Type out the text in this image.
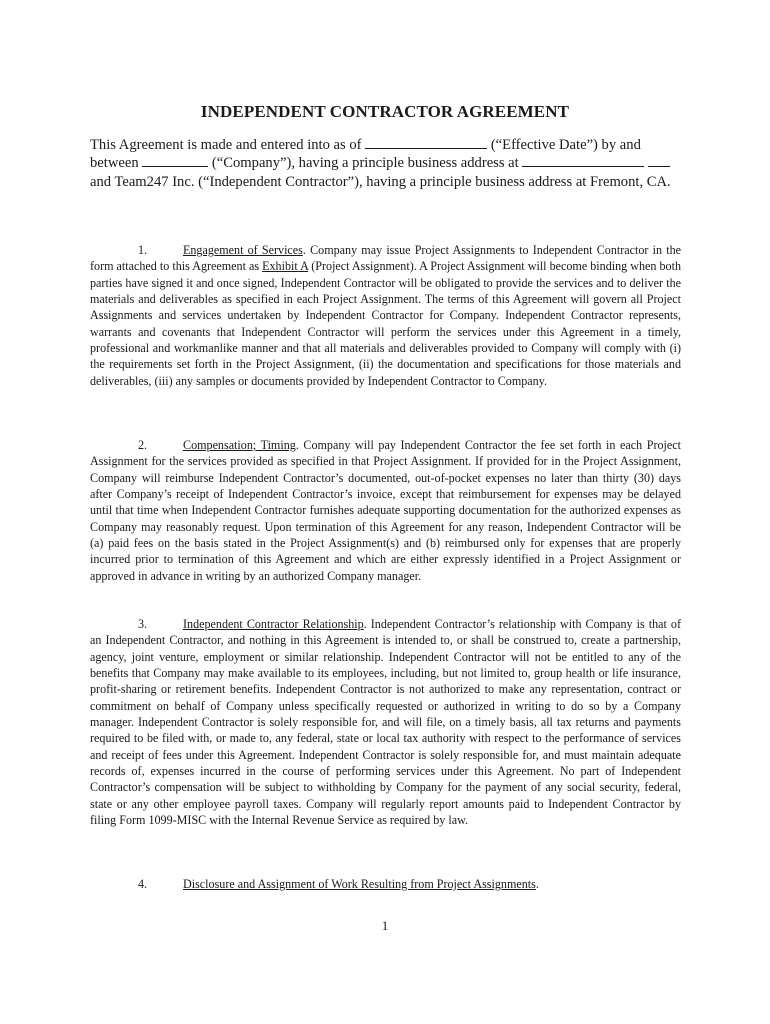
INDEPENDENT CONTRACTOR AGREEMENT

This Agreement is made and entered into as of	(“Effective Date”) by and between	(“Company”), having a principle business address at  and Team247 Inc. (“Independent Contractor”), having a principle business address at Fremont, CA.

1.	Engagement of Services. Company may issue Project Assignments to Independent Contractor in the form attached to this Agreement as Exhibit A (Project Assignment). A Project Assignment will become binding when both parties have signed it and once signed, Independent Contractor will be obligated to provide the services and to deliver the materials and deliverables as specified in each Project Assignment. The terms of this Agreement will govern all Project Assignments and services undertaken by Independent Contractor for Company. Independent Contractor represents, warrants and covenants that Independent Contractor will perform the services under this Agreement in a timely, professional and workmanlike manner and that all materials and deliverables provided to Company will comply with (i) the requirements set forth in the Project Assignment, (ii) the documentation and specifications for those materials and deliverables, (iii) any samples or documents provided by Independent Contractor to Company.

2.	Compensation; Timing. Company will pay Independent Contractor the fee set forth in each Project Assignment for the services provided as specified in that Project Assignment. If provided for in the Project Assignment, Company will reimburse Independent Contractor’s documented, out-of-pocket expenses no later than thirty (30) days after Company’s receipt of Independent Contractor’s invoice, except that reimbursement for expenses may be delayed until that time when Independent Contractor furnishes adequate supporting documentation for the authorized expenses as Company may reasonably request. Upon termination of this Agreement for any reason, Independent Contractor will be (a) paid fees on the basis stated in the Project Assignment(s) and (b) reimbursed only for expenses that are properly incurred prior to termination of this Agreement and which are either expressly identified in a Project Assignment or approved in advance in writing by an authorized Company manager.

3.	Independent Contractor Relationship. Independent Contractor’s relationship with Company is that of an Independent Contractor, and nothing in this Agreement is intended to, or shall be construed to, create a partnership, agency, joint venture, employment or similar relationship. Independent Contractor will not be entitled to any of the benefits that Company may make available to its employees, including, but not limited to, group health or life insurance, profit-sharing or retirement benefits. Independent Contractor is not authorized to make any representation, contract or commitment on behalf of Company unless specifically requested or authorized in writing to do so by a Company manager. Independent Contractor is solely responsible for, and will file, on a timely basis, all tax returns and payments required to be filed with, or made to, any federal, state or local tax authority with respect to the performance of services and receipt of fees under this Agreement. Independent Contractor is solely responsible for, and must maintain adequate records of, expenses incurred in the course of performing services under this Agreement. No part of Independent Contractor’s compensation will be subject to withholding by Company for the payment of any social security, federal, state or any other employee payroll taxes. Company will regularly report amounts paid to Independent Contractor by filing Form 1099-MISC with the Internal Revenue Service as required by law.

4.	Disclosure and Assignment of Work Resulting from Project Assignments.

1
